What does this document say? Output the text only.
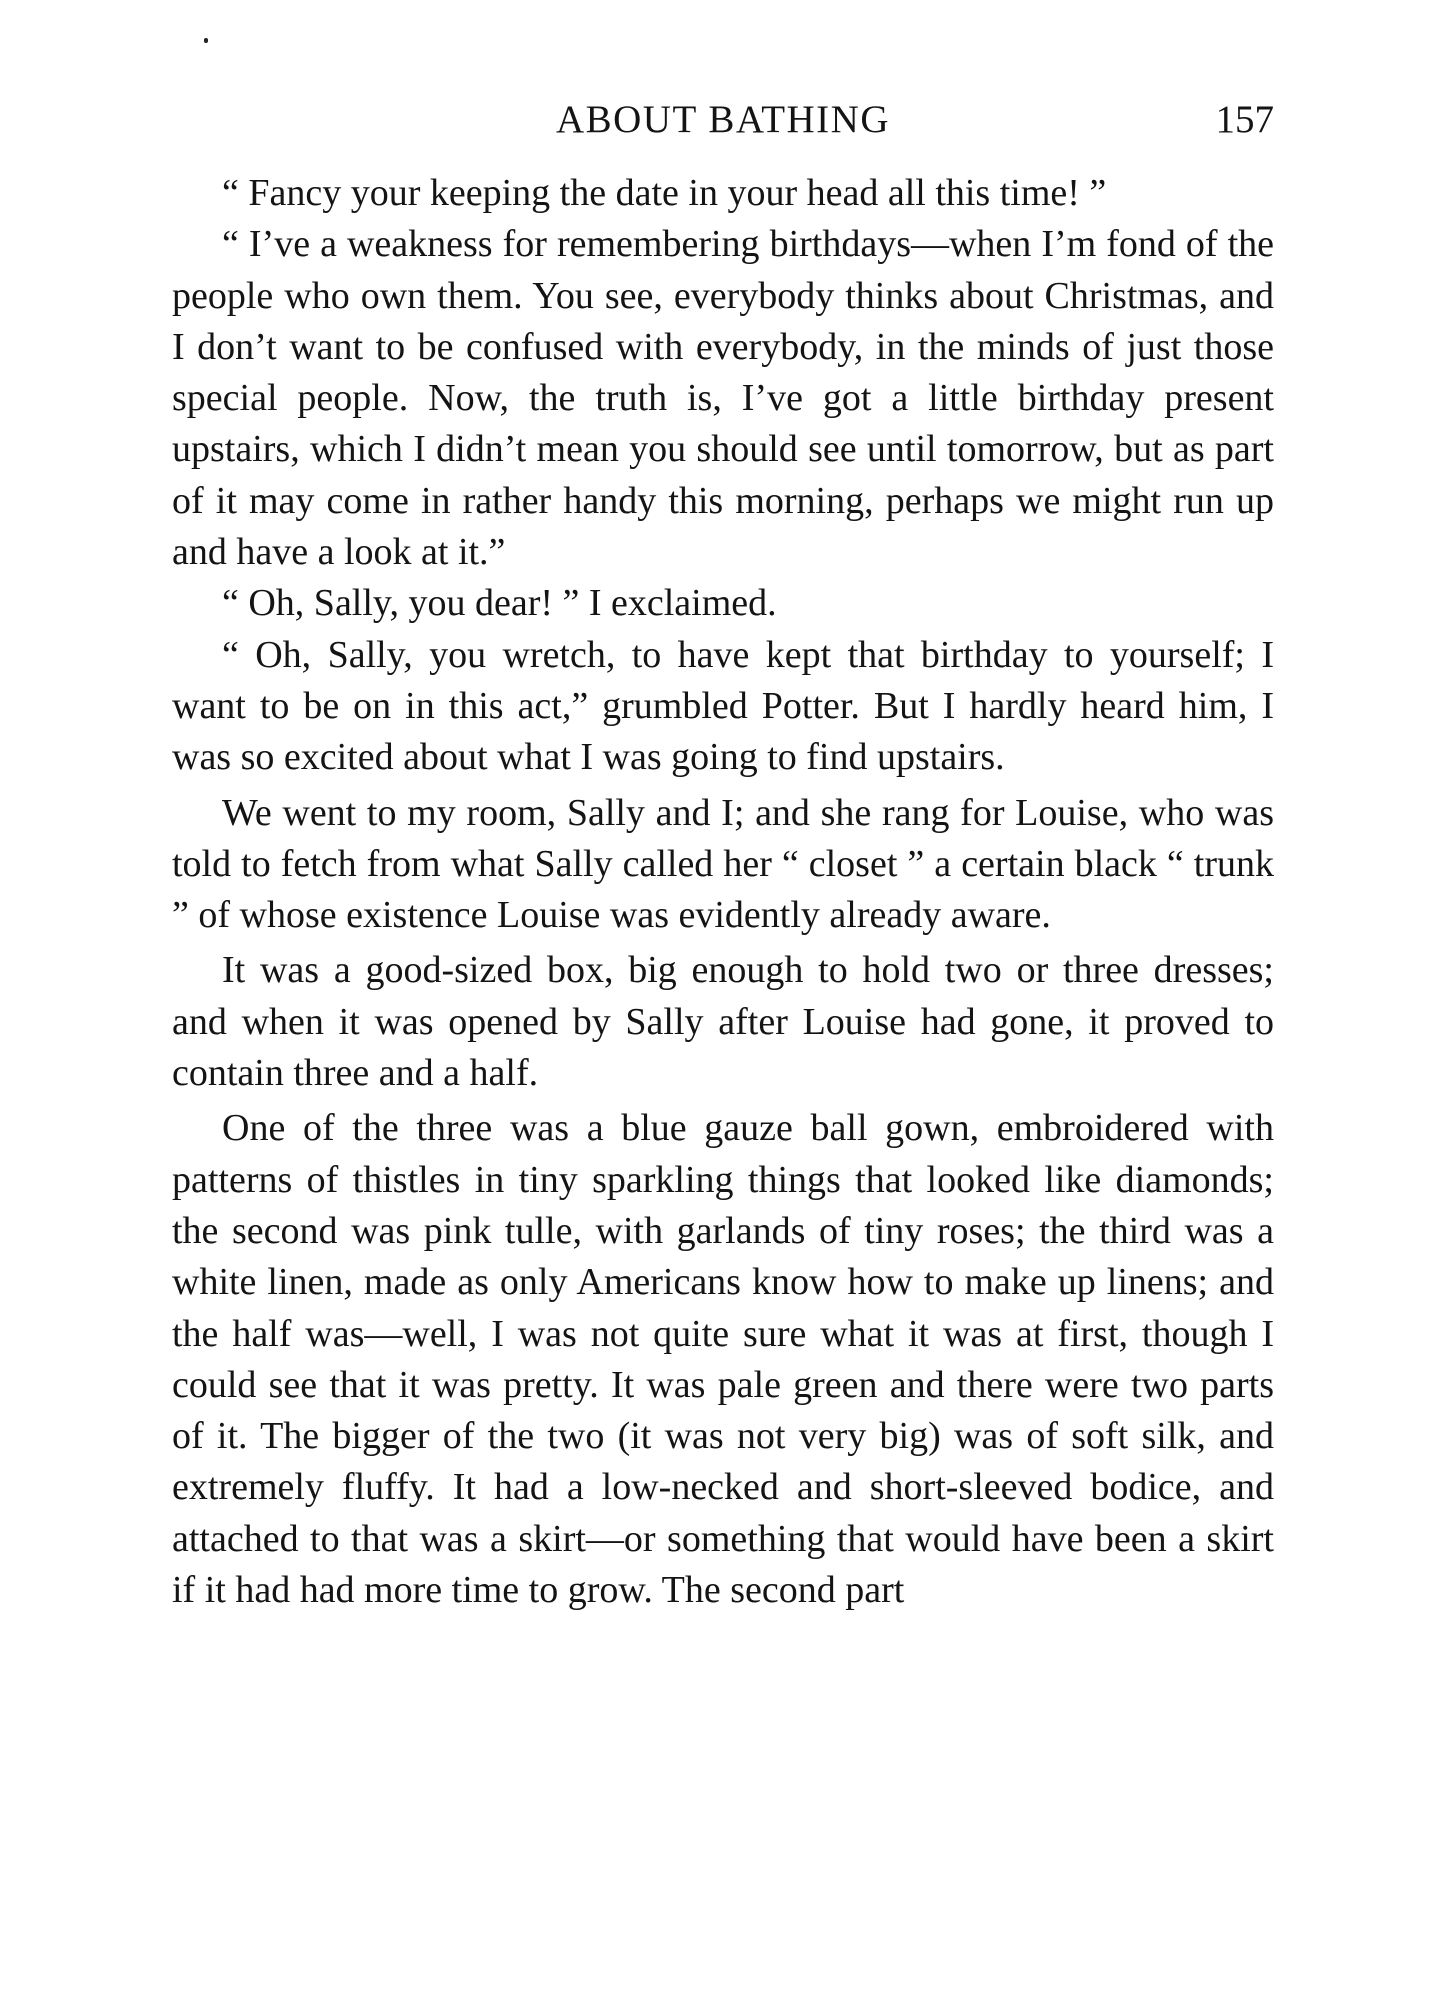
ABOUT BATHING	157

“ Fancy your keeping the date in your head all this time! ”

“ I’ve a weakness for remembering birthdays—when I’m fond of the people who own them. You see, everybody thinks about Christmas, and I don’t want to be confused with everybody, in the minds of just those special people. Now, the truth is, I’ve got a little birthday present upstairs, which I didn’t mean you should see until tomorrow, but as part of it may come in rather handy this morning, perhaps we might run up and have a look at it.”

“ Oh, Sally, you dear! ” I exclaimed.

“ Oh, Sally, you wretch, to have kept that birthday to yourself; I want to be on in this act,” grumbled Potter. But I hardly heard him, I was so excited about what I was going to find upstairs.

We went to my room, Sally and I; and she rang for Louise, who was told to fetch from what Sally called her “ closet ” a certain black “ trunk ” of whose existence Louise was evidently already aware.

It was a good-sized box, big enough to hold two or three dresses; and when it was opened by Sally after Louise had gone, it proved to contain three and a half.

One of the three was a blue gauze ball gown, embroidered with patterns of thistles in tiny sparkling things that looked like diamonds; the second was pink tulle, with garlands of tiny roses; the third was a white linen, made as only Americans know how to make up linens; and the half was—well, I was not quite sure what it was at first, though I could see that it was pretty. It was pale green and there were two parts of it. The bigger of the two (it was not very big) was of soft silk, and extremely fluffy. It had a low-necked and short-sleeved bodice, and attached to that was a skirt—or something that would have been a skirt if it had had more time to grow. The second part
